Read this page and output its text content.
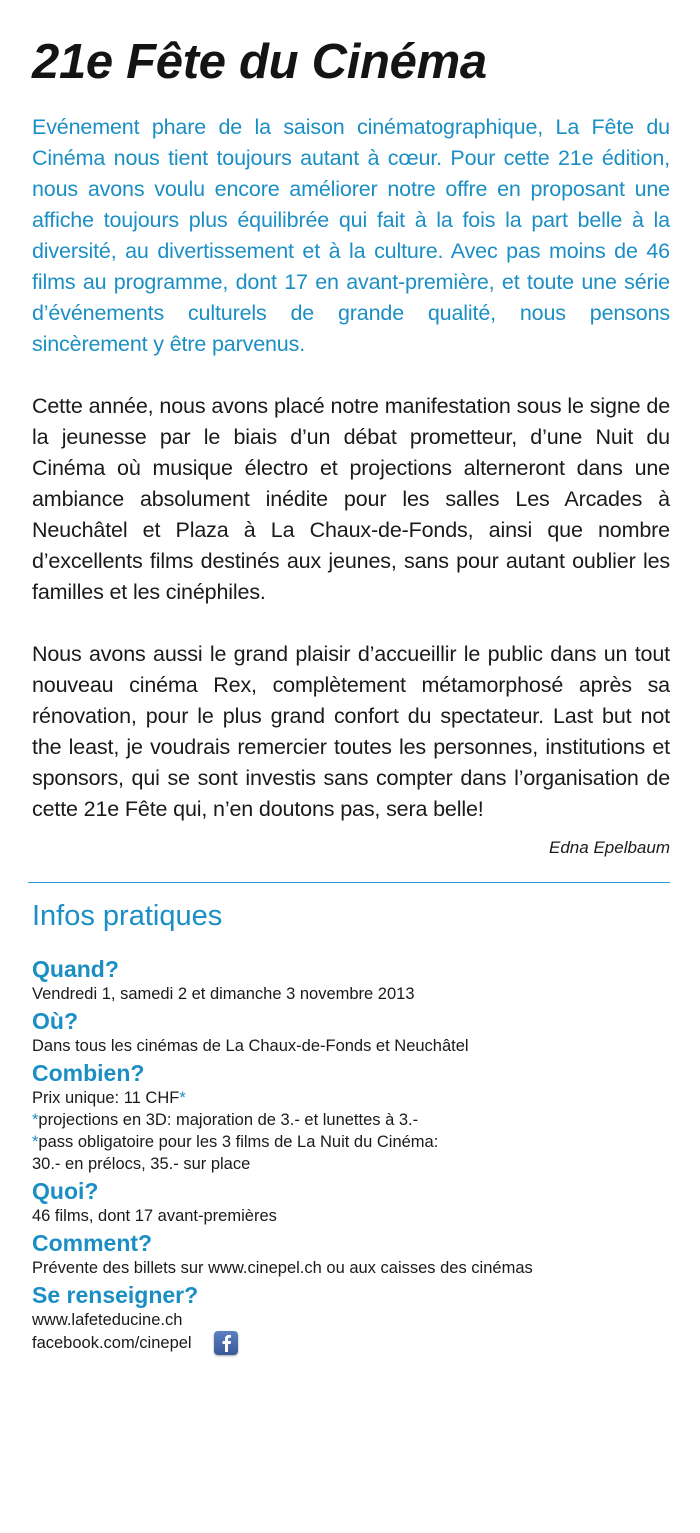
21e Fête du Cinéma

Evénement phare de la saison cinématographique, La Fête du Cinéma nous tient toujours autant à cœur. Pour cette 21e édition, nous avons voulu encore améliorer notre offre en proposant une affiche toujours plus équilibrée qui fait à la fois la part belle à la diversité, au divertissement et à la culture. Avec pas moins de 46 films au programme, dont 17 en avant-première, et toute une série d’événements culturels de grande qualité, nous pensons sincèrement y être parvenus.

Cette année, nous avons placé notre manifestation sous le signe de la jeunesse par le biais d’un débat prometteur, d’une Nuit du Cinéma où musique électro et projections alterneront dans une ambiance absolument inédite pour les salles Les Arcades à Neuchâtel et Plaza à La Chaux-de-Fonds, ainsi que nombre d’excellents films destinés aux jeunes, sans pour autant oublier les familles et les cinéphiles.

Nous avons aussi le grand plaisir d’accueillir le public dans un tout nouveau cinéma Rex, complètement métamorphosé après sa rénovation, pour le plus grand confort du spectateur. Last but not the least, je voudrais remercier toutes les personnes, institutions et sponsors, qui se sont investis sans compter dans l’organisation de cette 21e Fête qui, n’en doutons pas, sera belle!

Edna Epelbaum
Infos pratiques
Quand?
Vendredi 1, samedi 2 et dimanche 3 novembre 2013
Où?
Dans tous les cinémas de La Chaux-de-Fonds et Neuchâtel
Combien?
Prix unique: 11 CHF*
*projections en 3D: majoration de 3.- et lunettes à 3.-
*pass obligatoire pour les 3 films de La Nuit du Cinéma:
30.- en prélocs, 35.- sur place
Quoi?
46 films, dont 17 avant-premières
Comment?
Prévente des billets sur www.cinepel.ch ou aux caisses des cinémas
Se renseigner?
www.lafeteducine.ch
facebook.com/cinepel
